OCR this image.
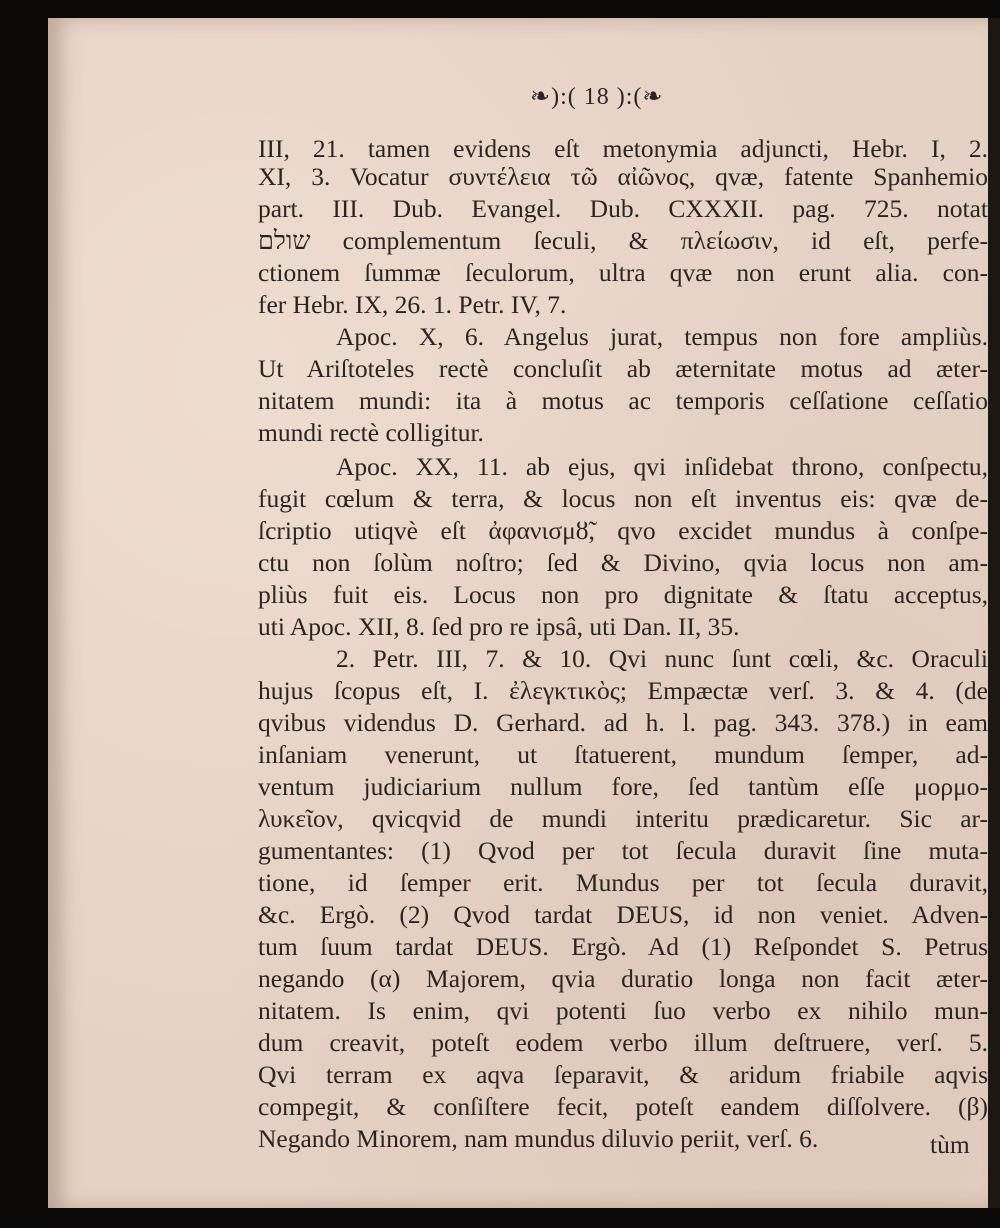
❧):( 18 ):(❧
III, 21. tamen evidens eſt metonymia adjuncti, Hebr. I, 2.
XI, 3. Vocatur συντέλεια τῶ αἰῶνος, qvæ, fatente Spanhemio
part. III. Dub. Evangel. Dub. CXXXII. pag. 725. notat
שולם complementum ſeculi, & πλείωσιν, id eſt, perfe-
ctionem ſummæ ſeculorum, ultra qvæ non erunt alia. con-
fer Hebr. IX, 26. 1. Petr. IV, 7.
Apoc. X, 6. Angelus jurat, tempus non fore ampliùs.
Ut Ariſtoteles rectè concluſit ab æternitate motus ad æter-
nitatem mundi: ita à motus ac temporis ceſſatione ceſſatio
mundi rectè colligitur.
Apoc. XX, 11. ab ejus, qvi inſidebat throno, conſpectu,
fugit cœlum & terra, & locus non eſt inventus eis: qvæ de-
ſcriptio utiqvè eſt ἀφανισμȣ̃, qvo excidet mundus à conſpe-
ctu non ſolùm noſtro; ſed & Divino, qvia locus non am-
pliùs fuit eis. Locus non pro dignitate & ſtatu acceptus,
uti Apoc. XII, 8. ſed pro re ipsâ, uti Dan. II, 35.
2. Petr. III, 7. & 10. Qvi nunc ſunt cœli, &c. Oraculi
hujus ſcopus eſt, I. ἐλεγκτικὸς; Empæctæ verſ. 3. & 4. (de
qvibus videndus D. Gerhard. ad h. l. pag. 343. 378.) in eam
inſaniam venerunt, ut ſtatuerent, mundum ſemper, ad-
ventum judiciarium nullum fore, ſed tantùm eſſe μορμο-
λυκεῖον, qvicqvid de mundi interitu prædicaretur. Sic ar-
gumentantes: (1) Qvod per tot ſecula duravit ſine muta-
tione, id ſemper erit. Mundus per tot ſecula duravit,
&c. Ergò. (2) Qvod tardat DEUS, id non veniet. Adven-
tum ſuum tardat DEUS. Ergò. Ad (1) Reſpondet S. Petrus
negando (α) Majorem, qvia duratio longa non facit æter-
nitatem. Is enim, qvi potenti ſuo verbo ex nihilo mun-
dum creavit, poteſt eodem verbo illum deſtruere, verſ. 5.
Qvi terram ex aqva ſeparavit, & aridum friabile aqvis
compegit, & conſiſtere fecit, poteſt eandem diſſolvere. (β)
Negando Minorem, nam mundus diluvio periit, verſ. 6.	tùm
